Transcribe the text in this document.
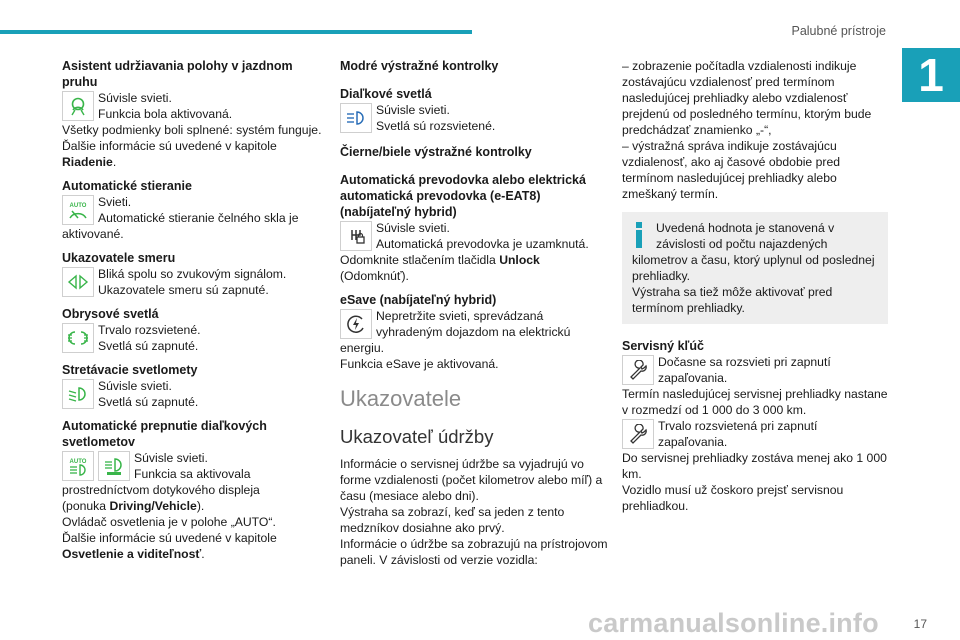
Palubné prístroje
1
Asistent udržiavania polohy v jazdnom pruhu
Súvisle svieti.
Funkcia bola aktivovaná.
Všetky podmienky boli splnené: systém funguje.
Ďalšie informácie sú uvedené v kapitole Riadenie.
Automatické stieranie
AUTO Svieti.
Automatické stieranie čelného skla je aktivované.
Ukazovatele smeru
Bliká spolu so zvukovým signálom.
Ukazovatele smeru sú zapnuté.
Obrysové svetlá
Trvalo rozsvietené.
Svetlá sú zapnuté.
Stretávacie svetlomety
Súvisle svieti.
Svetlá sú zapnuté.
Automatické prepnutie diaľkových svetlometov
AUTO	Súvisle svieti.
Funkcia sa aktivovala prostredníctvom dotykového displeja
(ponuka Driving/Vehicle).
Ovládač osvetlenia je v polohe „AUTO“.
Ďalšie informácie sú uvedené v kapitole Osvetlenie a viditeľnosť.
Modré výstražné kontrolky
Diaľkové svetlá
Súvisle svieti.
Svetlá sú rozsvietené.
Čierne/biele výstražné kontrolky
Automatická prevodovka alebo elektrická automatická prevodovka (e-EAT8) (nabíjateľný hybrid)
Súvisle svieti.
Automatická prevodovka je uzamknutá.
Odomknite stlačením tlačidla Unlock (Odomknúť).
eSave (nabíjateľný hybrid)
Nepretržite svieti, sprevádzaná vyhradeným dojazdom na elektrickú energiu.
Funkcia eSave je aktivovaná.
Ukazovatele
Ukazovateľ údržby
Informácie o servisnej údržbe sa vyjadrujú vo forme vzdialenosti (počet kilometrov alebo míľ) a času (mesiace alebo dni).
Výstraha sa zobrazí, keď sa jeden z tento medzníkov dosiahne ako prvý.
Informácie o údržbe sa zobrazujú na prístrojovom paneli. V závislosti od verzie vozidla:
– zobrazenie počítadla vzdialenosti indikuje zostávajúcu vzdialenosť pred termínom nasledujúcej prehliadky alebo vzdialenosť prejdenú od posledného termínu, ktorým bude predchádzať znamienko „-“,
– výstražná správa indikuje zostávajúcu vzdialenosť, ako aj časové obdobie pred termínom nasledujúcej prehliadky alebo zmeškaný termín.
Uvedená hodnota je stanovená v závislosti od počtu najazdených kilometrov a času, ktorý uplynul od poslednej prehliadky.
Výstraha sa tiež môže aktivovať pred termínom prehliadky.
Servisný kľúč
Dočasne sa rozsvieti pri zapnutí zapaľovania.
Termín nasledujúcej servisnej prehliadky nastane v rozmedzí od 1 000 do 3 000 km.
Trvalo rozsvietená pri zapnutí zapaľovania.
Do servisnej prehliadky zostáva menej ako 1 000 km.
Vozidlo musí už čoskoro prejsť servisnou prehliadkou.
carmanualsonline.info	17
